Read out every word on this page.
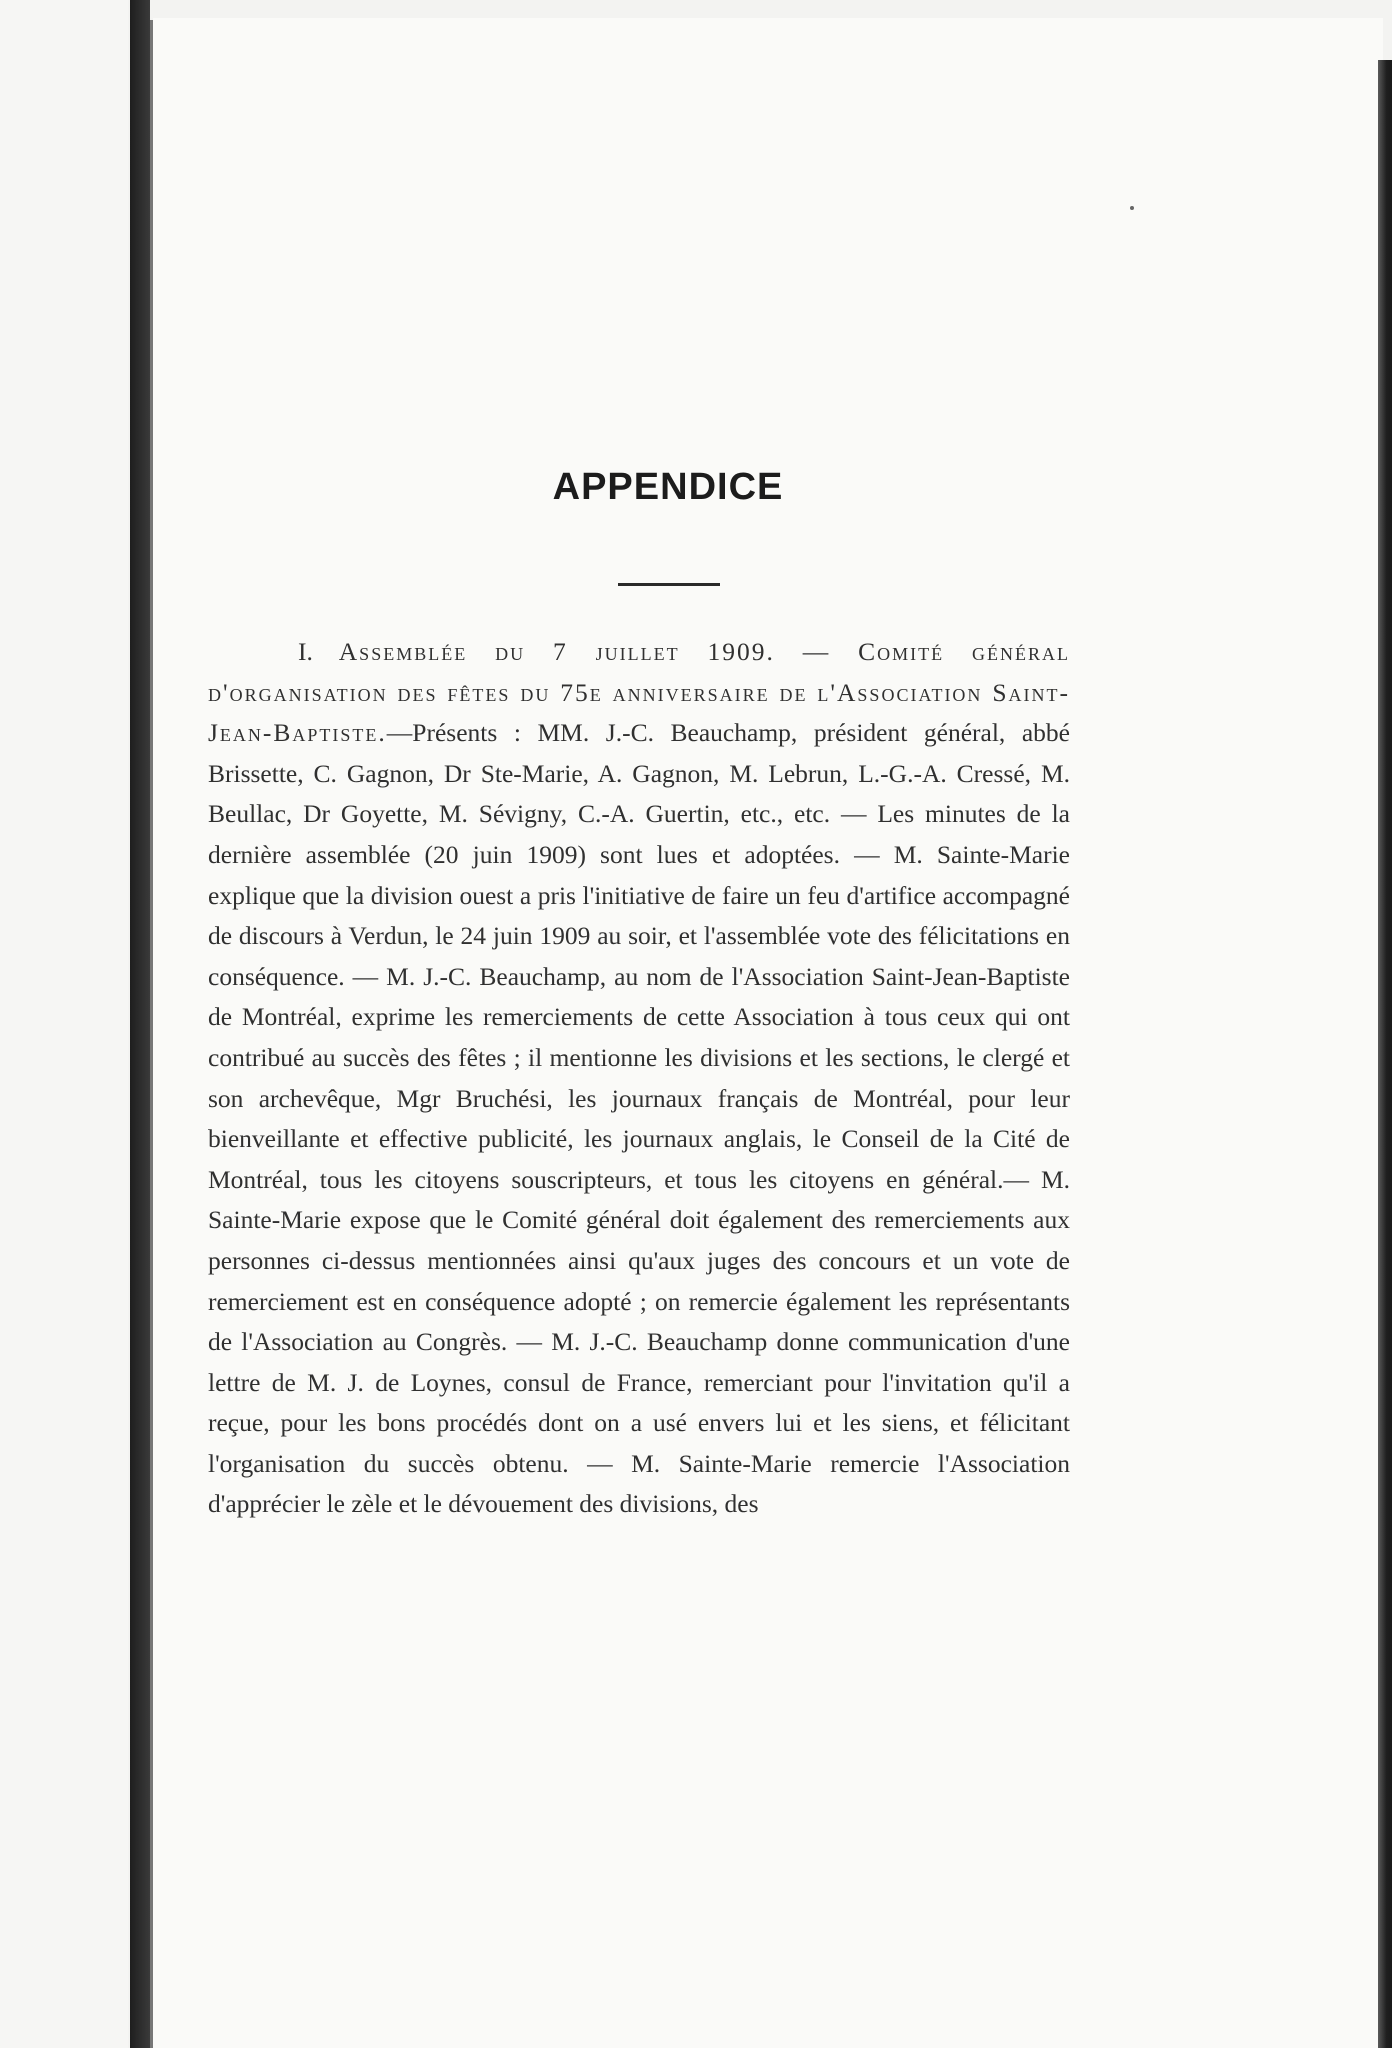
APPENDICE

I. Assemblée du 7 juillet 1909. — Comité général d'organisation des fêtes du 75e anniversaire de l'Association Saint-Jean-Baptiste.—Présents : MM. J.-C. Beauchamp, président général, abbé Brissette, C. Gagnon, Dr Ste-Marie, A. Gagnon, M. Lebrun, L.-G.-A. Cressé, M. Beullac, Dr Goyette, M. Sévigny, C.-A. Guertin, etc., etc. — Les minutes de la dernière assemblée (20 juin 1909) sont lues et adoptées. — M. Sainte-Marie explique que la division ouest a pris l'initiative de faire un feu d'artifice accompagné de discours à Verdun, le 24 juin 1909 au soir, et l'assemblée vote des félicitations en conséquence. — M. J.-C. Beauchamp, au nom de l'Association Saint-Jean-Baptiste de Montréal, exprime les remerciements de cette Association à tous ceux qui ont contribué au succès des fêtes ; il mentionne les divisions et les sections, le clergé et son archevêque, Mgr Bruchési, les journaux français de Montréal, pour leur bienveillante et effective publicité, les journaux anglais, le Conseil de la Cité de Montréal, tous les citoyens souscripteurs, et tous les citoyens en général.— M. Sainte-Marie expose que le Comité général doit également des remerciements aux personnes ci-dessus mentionnées ainsi qu'aux juges des concours et un vote de remerciement est en conséquence adopté ; on remercie également les représentants de l'Association au Congrès. — M. J.-C. Beauchamp donne communication d'une lettre de M. J. de Loynes, consul de France, remerciant pour l'invitation qu'il a reçue, pour les bons procédés dont on a usé envers lui et les siens, et félicitant l'organisation du succès obtenu. — M. Sainte-Marie remercie l'Association d'apprécier le zèle et le dévouement des divisions, des
